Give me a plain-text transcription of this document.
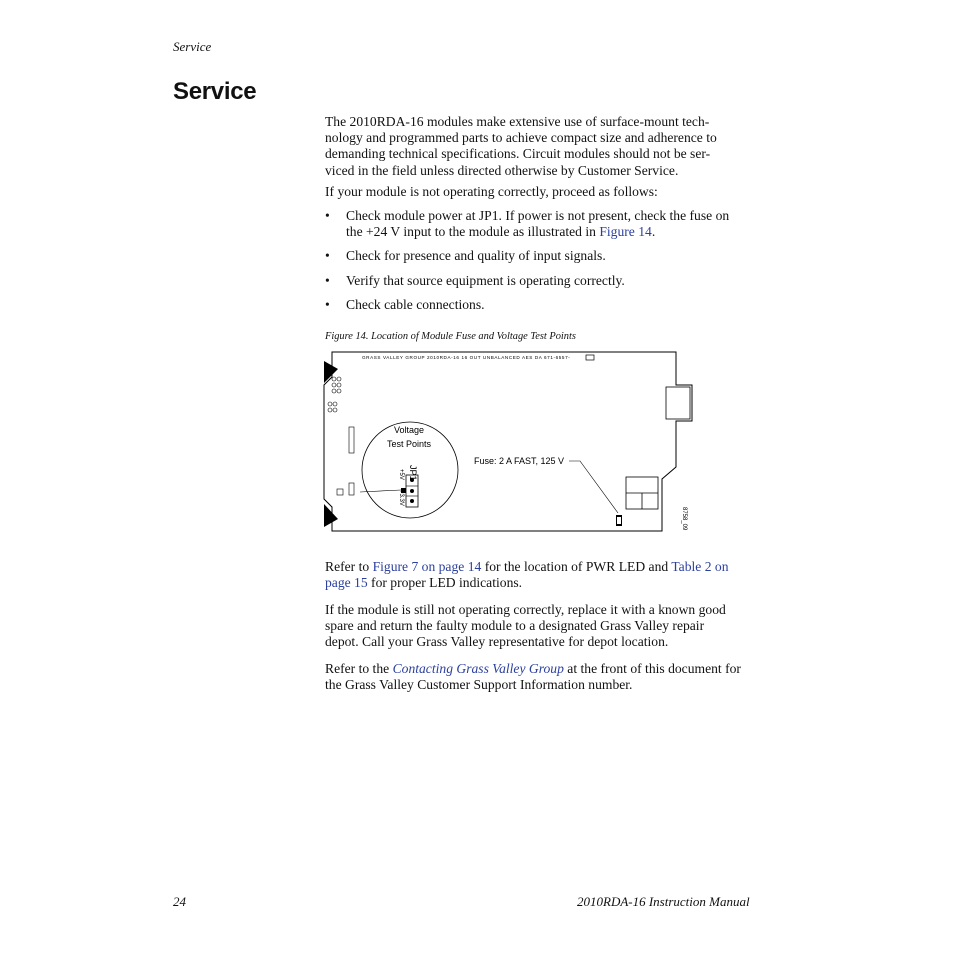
Service
Service
The 2010RDA-16 modules make extensive use of surface-mount tech-
nology and programmed parts to achieve compact size and adherence to
demanding technical specifications. Circuit modules should not be ser-
viced in the field unless directed otherwise by Customer Service.
If your module is not operating correctly, proceed as follows:
• Check module power at JP1. If power is not present, check the fuse on
the +24 V input to the module as illustrated in Figure 14.
• Check for presence and quality of input signals.
• Verify that source equipment is operating correctly.
• Check cable connections.
Figure 14. Location of Module Fuse and Voltage Test Points
GRASS VALLEY GROUP 2010RDA-16 16 OUT UNBALANCED AES DA 671-6557-
Voltage
Test Points
JP1
+5V
+3.3V
Fuse: 2 A FAST, 125 V
8758_09
Refer to Figure 7 on page 14 for the location of PWR LED and Table 2 on
page 15 for proper LED indications.
If the module is still not operating correctly, replace it with a known good
spare and return the faulty module to a designated Grass Valley repair
depot. Call your Grass Valley representative for depot location.
Refer to the Contacting Grass Valley Group at the front of this document for
the Grass Valley Customer Support Information number.
24	2010RDA-16 Instruction Manual
